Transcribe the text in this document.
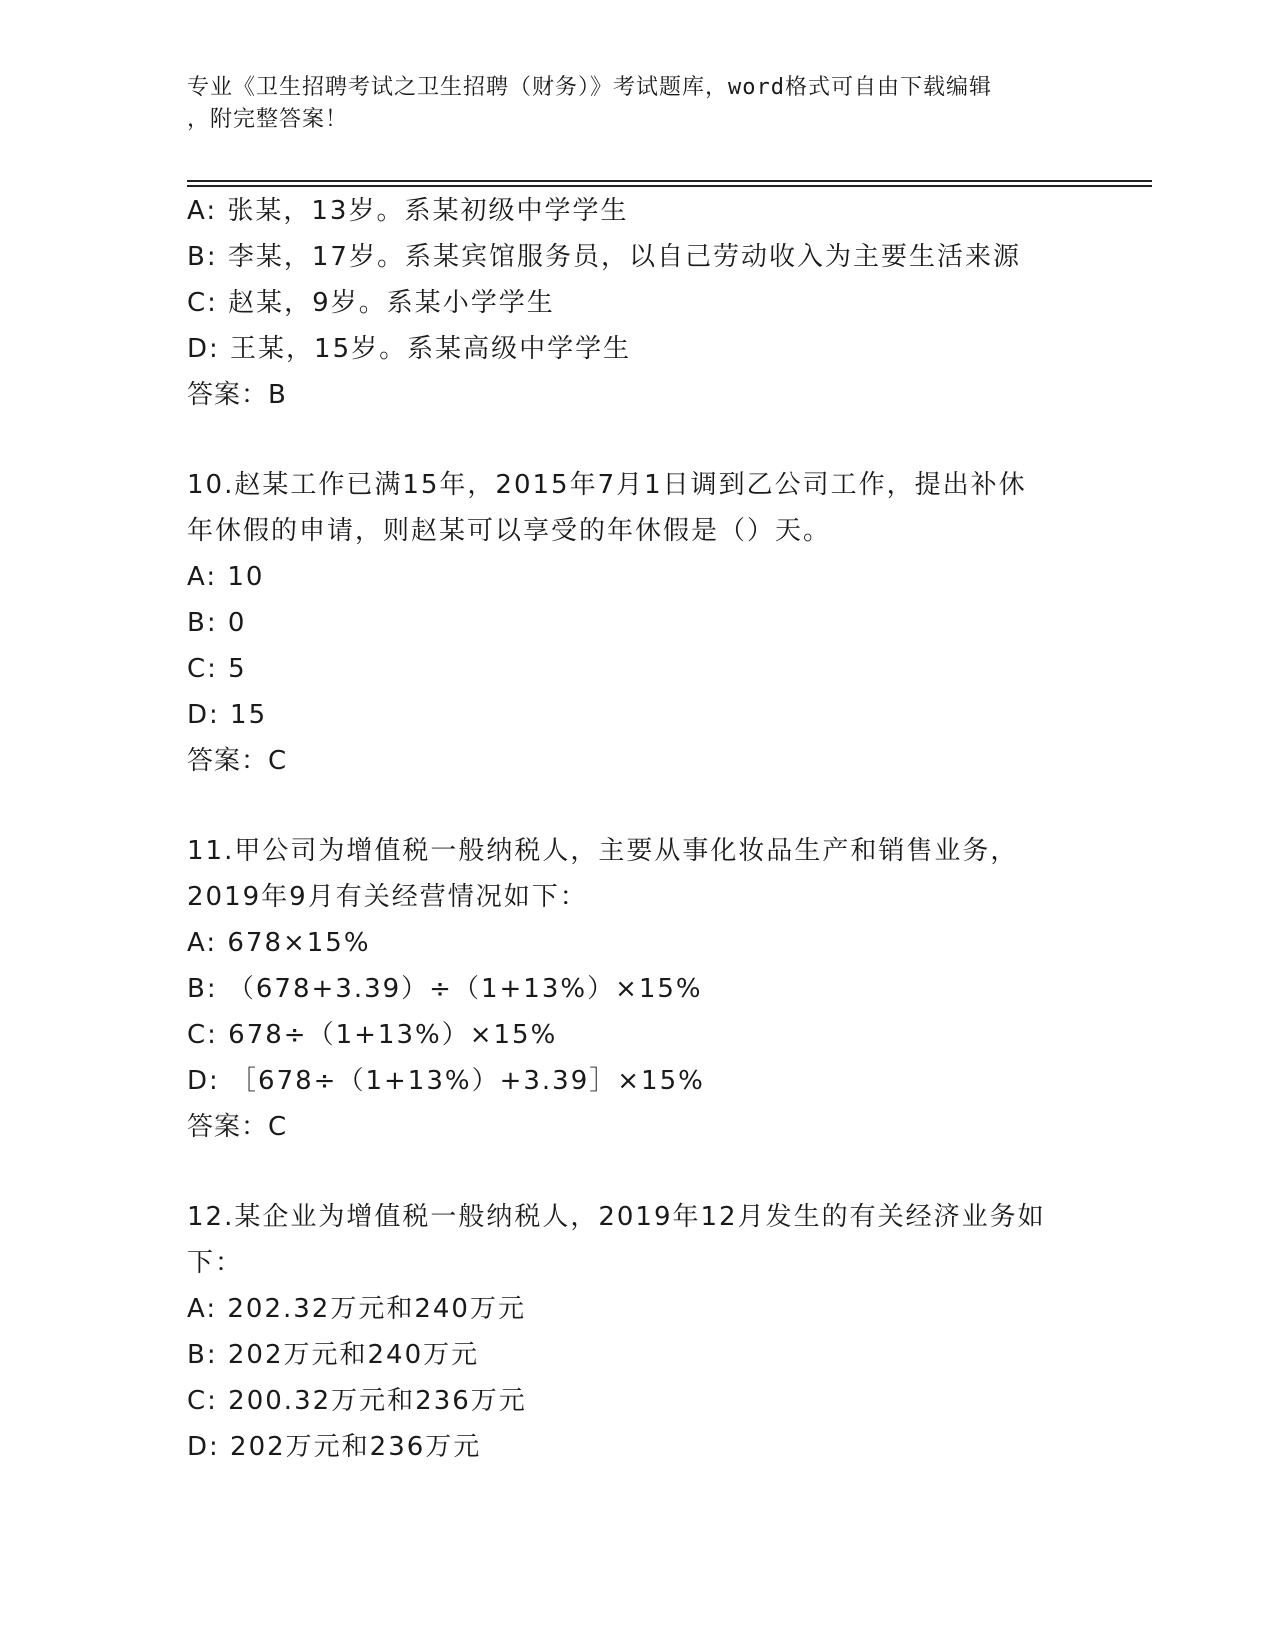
专业《卫生招聘考试之卫生招聘（财务）》考试题库，word格式可自由下载编辑
，附完整答案！
A: 张某，13岁。系某初级中学学生
B: 李某，17岁。系某宾馆服务员，以自己劳动收入为主要生活来源
C: 赵某，9岁。系某小学学生
D: 王某，15岁。系某高级中学学生
答案：B
10.赵某工作已满15年，2015年7月1日调到乙公司工作，提出补休
年休假的申请，则赵某可以享受的年休假是（）天。
A: 10
B: 0
C: 5
D: 15
答案：C
11.甲公司为增值税一般纳税人，主要从事化妆品生产和销售业务，
2019年9月有关经营情况如下：
A: 678×15%
B: （678+3.39）÷（1+13%）×15%
C: 678÷（1+13%）×15%
D: ［678÷（1+13%）+3.39］×15%
答案：C
12.某企业为增值税一般纳税人，2019年12月发生的有关经济业务如
下：
A: 202.32万元和240万元
B: 202万元和240万元
C: 200.32万元和236万元
D: 202万元和236万元
